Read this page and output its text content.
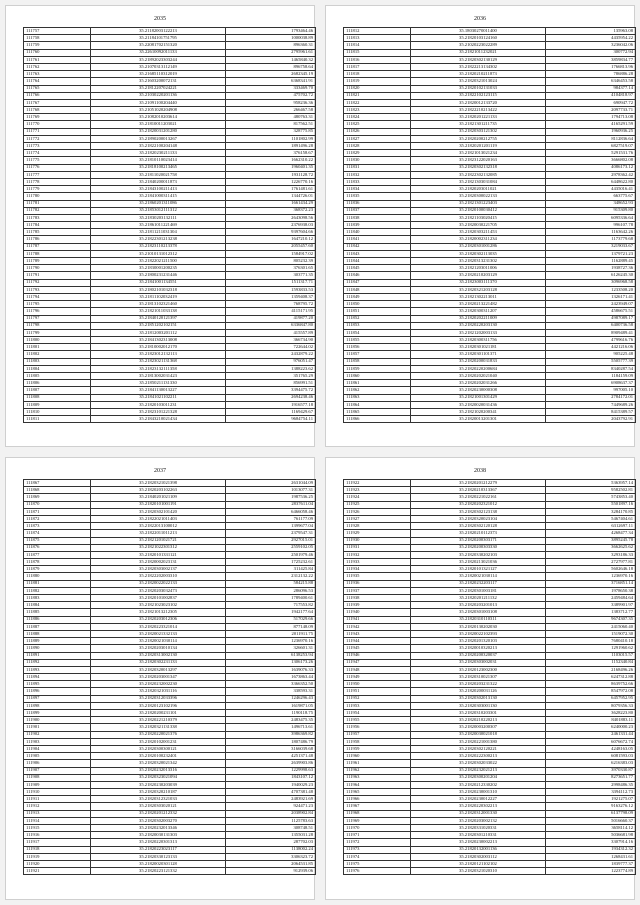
2035
111757	35.21182003122213	1793464.46
111758	35.21184101751795	1000038.89
111759	35.22081702151320	896360.31
111760	35.22610092011133	2795961.61
111761	35.21892023303244	1465840.32
111762	35.21070313112149	896758.64
111763	35.21685110312019	2682345.19
111764	35.21603200072131	6368341.91
111765	35.21812207024221	333469.70
111766	35.21030220201136	475702.72
111767	35.21091100204440	958236.36
111768	35.21051020204908	266467.58
111769	35.21082010203614	480763.31
111770	35.21810011203021	817562.51
111771	35.21820031201280	328775.85
111772	35.21890200013267	1101802.99
111773	35.21822100204148	1891496.28
111774	35.21820230211133	376158.67
111775	35.21810110023414	1662310.22
111776	35.21818100213465	1960401.35
111777	35.21811020021758	1931128.72
111778	35.21840200011873	1226770.16
111779	35.21843100211413	1761481.61
111780	35.21841000311415	1344726.01
111781	35.21860201311086	1661434.29
111782	35.21853012111312	368372.23
111783	35.21830203132111	2643098.56
111784	35.21861011221469	2376938.03
111785	35.21811211031304	9397604.66
111786	35.21822301213238	1647210.12
111787	35.21823110213378	2055457.60
111788	35.21010131012312	1584917.02
111789	35.21822021211500	805232.39
111790	35.21830001200235	376301.65
111791	35.21800231231446	303771.35
111792	35.21841001134551	1511317.71
111793	35.21802101032318	1593833.53
111794	35.21811102032419	1359408.37
111795	35.21813102321460	768795.72
111796	35.21821011033138	4115171.95
111797	35.21840120121397	419877.20
111798	35.21851202102151	6336847.80
111799	35.21812003201112	415557.89
111800	35.21841302313008	366734.90
111801	35.21810002012170	722644.02
111802	35.21823012132113	2432879.22
111803	35.21823021131368	976051.47
111804	35.21823132111358	1388223.62
111805	35.21813002031423	351765.29
111806	35.21850211131330	856991.51
111807	35.21841130013227	3394475.72
111808	35.21841021102211	2694238.46
111809	35.21820103011231	1916577.18
111810	35.21823101221328	1169429.67
111811	35.21843210021434	9684754.11
2036
111812	35.18030270011400	135963.08
111813	35.21820103124160	4435954.22
111814	35.21020223022289	3236042.06
111815	35.21821011232021	300772.94
111816	35.21820302130129	3859834.77
111817	35.21822213134302	1766813.96
111818	35.21820210211873	786886.28
111819	35.21820321013024	6346453.58
111820	35.21820102131033	984377.14
111821	35.21822102123115	4104818.97
111822	35.21820012133720	690947.72
111823	35.21822210213422	2097733.71
111824	35.21820201221133	1794713.08
111825	35.21821301211735	4165291.59
111826	35.21820303121302	1960936.25
111827	35.21820200212755	8112836.64
111828	35.21820201201119	6827519.07
111829	35.21821013021234	5291531.76
111830	35.21823122020163	3666802.08
111831	35.21820302132318	4086173.12
111832	35.21822302132085	2978362.42
111833	35.21821303031084	6448622.80
111834	35.21820203011021	4435016.41
111835	35.21820300022133	663775.67
111836	35.21821301223403	348652.93
111837	35.21820100030412	915309.80
111838	35.21821103020415	6095336.64
111839	35.21820030221705	996107.78
111840	35.21820303211453	1163642.26
111841	35.21820002311234	1173779.68
111842	35.21820301001286	3219033.67
111843	35.21820302113035	1379721.23
111844	35.21820313231302	1162889.45
111845	35.21821203011006	1938727.36
111846	35.21820210203129	6126245.30
111847	35.21823003111370	3096968.58
111848	35.21820321203128	1233508.20
111849	35.21821302213011	1326171.41
111850	35.21820213221482	2423949.07
111851	35.21820300311207	4586675.51
111852	35.21820202211009	4987089.17
111853	35.21820220203130	6400736.58
111854	35.21821202003133	8909489.41
111855	35.21820300311756	4799616.76
111856	35.21820301021181	4421216.06
111857	35.21820301101371	905225.48
111858	35.21820200031833	5505777.39
111859	35.21820220200684	8340287.54
111860	35.21820202021040	1184159.09
111861	35.21820202031266	6908637.37
111862	35.21820230000308	997005.10
111863	35.21821001301429	2784172.01
111864	35.21820020031436	7449689.26
111865	35.21821020200341	8415389.57
111866	35.21820013201301	2043792.91
2037
111867	35.21820321021398	2631044.09
111868	35.21820203102263	1013077.31
111869	35.21840201021109	1987536.25
111870	35.21820101001191	2837611.04
111871	35.21820302101420	6466058.46
111872	35.21822021011403	761177.09
111873	35.21822013100012	1399677.04
111874	35.21822011011213	2379547.31
111875	35.21821201021721	2927015.01
111876	35.21821022301312	2559102.05
111877	35.21820101331121	2501979.46
111878	35.21820002023131	1725232.61
111879	35.21820303002137	311425.84
111880	35.21822202003310	2312132.22
111881	35.21820022022133	584215.88
111882	35.21820203032473	286096.53
111883	35.21820101002837	1789400.61
111884	35.21821023023102	717553.82
111885	35.21821013212305	1942177.64
111886	35.21820203012306	517029.66
111887	35.21820223321014	877148.09
111888	35.21820021332133	2011911.75
111889	35.21820021030114	1236970.16
111890	35.21820203010134	326601.31
111891	35.21820313002130	6138253.94
111892	35.21820302231133	1306173.26
111893	35.21820320013297	1639076.33
111894	35.21820203001347	1673863.44
111895	35.21820232002230	3366352.50
111896	35.21820321031116	338593.31
111897	35.21820312033396	1246296.43
111898	35.21820123102196	1619871.05
111899	35.21820200231101	1190118.75
111900	35.21820221210379	2483475.35
111901	35.21820321131338	1496713.61
111902	35.21820220021376	3986369.82
111903	35.21820102001231	1807486.79
111904	35.21820300300121	3166039.68
111905	35.21820100232401	4251371.48
111906	35.21820320021342	2639903.86
111907	35.21820232013316	1229998.63
111908	35.21820323021094	1843107.12
111909	35.21820230203039	1940029.23
111910	35.21820320210187	4707381.48
111911	35.21820312321033	2483921.69
111912	35.21820303020121	924471.23
111913	35.21820201212332	2038902.84
111914	35.21820302003270	1125783.63
111915	35.21820232013346	308748.51
111916	35.21820030131303	1355031.28
111917	35.21820220301313	287702.03
111918	35.21820223023117	1138002.24
111919	35.21820330123133	3306323.72
111920	35.21820020301128	2064531.85
111921	35.21820223121332	912939.06
2038
111922	35.21820201212279	5363957.14
111923	35.21820210313367	9582502.81
111924	35.21820221022161	5743853.40
111925	35.21820202321012	5501897.16
111926	35.21820302123138	3284170.85
111927	35.21820320023104	5467404.61
111928	35.21820302120128	6312697.11
111929	35.21820210112373	4268477.34
111930	35.21820200303171	3895245.78
111931	35.21820200303330	3662625.62
111932	35.21820330202103	3293186.33
111933	35.21820213021036	2727977.81
111934	35.21820101321127	5602646.18
111935	35.21820021030114	1236970.16
111936	35.21820232203117	3716851.14
111937	35.21820301003181	1978650.38
111938	35.21820201211132	2459484.64
111939	35.21820203201013	3389901.97
111940	35.21820301003108	1383712.77
111941	35.21820310110311	9674307.35
111942	35.21820130202030	2415060.40
111943	35.21820022102393	1519072.30
111944	35.21820201320103	7680410.18
111945	35.21820010320213	1291960.62
111946	35.21820200320037	1103015.57
111947	35.21820303002031	1152340.84
111948	35.21820123002300	2168496.26
111949	35.21820310021307	6247312.88
111950	35.21820203231322	8639752.66
111951	35.21820200031126	8547972.08
111952	35.21820302013130	6457952.95
111953	35.21820303001130	8079356.33
111954	35.21820310203301	3628223.80
111955	35.21820210220213	8401883.11
111956	35.21820003200307	6240000.23
111957	35.21820030021018	2461331.44
111958	35.21820221001380	6076672.74
111959	35.21820302120221	4248163.05
111960	35.21820222300213	6081593.03
111961	35.21820302033022	6216383.03
111962	35.21820232021213	3970330.87
111963	35.21820300201204	8273651.77
111964	35.21820212330202	2998486.35
111965	35.21820230001310	3394112.73
111966	35.21820230012227	1921275.07
111967	35.21820220302213	9163276.12
111968	35.21820312001330	6137798.09
111969	35.21820203002132	5016660.37
111970	35.21820331020331	3658114.12
111971	35.21820301210331	5036681.98
111972	35.21820230002213	3307914.16
111973	35.21820132001136	1934312.32
111974	35.21820302003112	1268431.61
111975	35.21820121102102	1839777.37
111976	35.21820321020310	1223774.89
